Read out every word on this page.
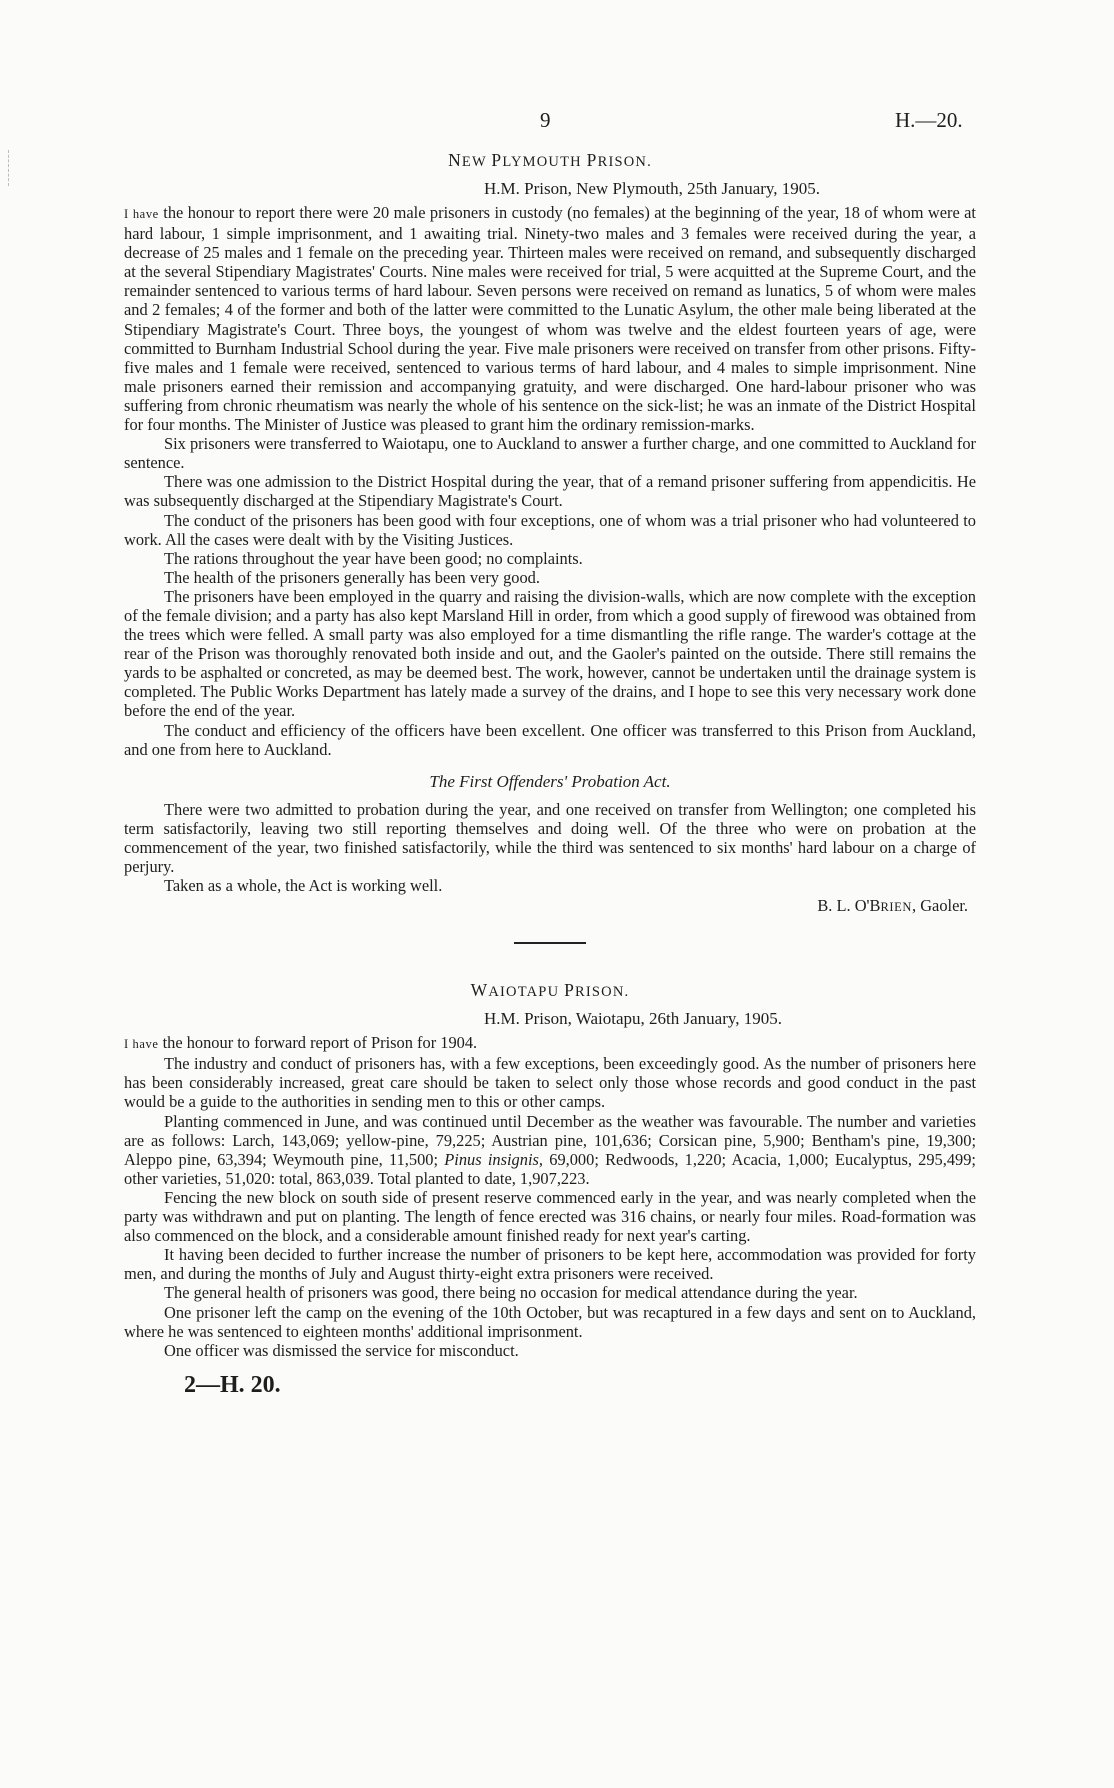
9	H.—20.
NEW PLYMOUTH PRISON.
H.M. Prison, New Plymouth, 25th January, 1905.

I have the honour to report there were 20 male prisoners in custody (no females) at the beginning of the year, 18 of whom were at hard labour, 1 simple imprisonment, and 1 awaiting trial. Ninety-two males and 3 females were received during the year, a decrease of 25 males and 1 female on the preceding year. Thirteen males were received on remand, and subsequently discharged at the several Stipendiary Magistrates' Courts. Nine males were received for trial, 5 were acquitted at the Supreme Court, and the remainder sentenced to various terms of hard labour. Seven persons were received on remand as lunatics, 5 of whom were males and 2 females; 4 of the former and both of the latter were committed to the Lunatic Asylum, the other male being liberated at the Stipendiary Magistrate's Court. Three boys, the youngest of whom was twelve and the eldest fourteen years of age, were committed to Burnham Industrial School during the year. Five male prisoners were received on transfer from other prisons. Fifty-five males and 1 female were received, sentenced to various terms of hard labour, and 4 males to simple imprisonment. Nine male prisoners earned their remission and accompanying gratuity, and were discharged. One hard-labour prisoner who was suffering from chronic rheumatism was nearly the whole of his sentence on the sick-list; he was an inmate of the District Hospital for four months. The Minister of Justice was pleased to grant him the ordinary remission-marks.

Six prisoners were transferred to Waiotapu, one to Auckland to answer a further charge, and one committed to Auckland for sentence.

There was one admission to the District Hospital during the year, that of a remand prisoner suffering from appendicitis. He was subsequently discharged at the Stipendiary Magistrate's Court.

The conduct of the prisoners has been good with four exceptions, one of whom was a trial prisoner who had volunteered to work. All the cases were dealt with by the Visiting Justices.

The rations throughout the year have been good; no complaints.

The health of the prisoners generally has been very good.

The prisoners have been employed in the quarry and raising the division-walls, which are now complete with the exception of the female division; and a party has also kept Marsland Hill in order, from which a good supply of firewood was obtained from the trees which were felled. A small party was also employed for a time dismantling the rifle range. The warder's cottage at the rear of the Prison was thoroughly renovated both inside and out, and the Gaoler's painted on the outside. There still remains the yards to be asphalted or concreted, as may be deemed best. The work, however, cannot be undertaken until the drainage system is completed. The Public Works Department has lately made a survey of the drains, and I hope to see this very necessary work done before the end of the year.

The conduct and efficiency of the officers have been excellent. One officer was transferred to this Prison from Auckland, and one from here to Auckland.

The First Offenders' Probation Act.

There were two admitted to probation during the year, and one received on transfer from Wellington; one completed his term satisfactorily, leaving two still reporting themselves and doing well. Of the three who were on probation at the commencement of the year, two finished satisfactorily, while the third was sentenced to six months' hard labour on a charge of perjury.

Taken as a whole, the Act is working well.

B. L. O'BRIEN, Gaoler.
WAIOTAPU PRISON.
H.M. Prison, Waiotapu, 26th January, 1905.

I have the honour to forward report of Prison for 1904.

The industry and conduct of prisoners has, with a few exceptions, been exceedingly good. As the number of prisoners here has been considerably increased, great care should be taken to select only those whose records and good conduct in the past would be a guide to the authorities in sending men to this or other camps.

Planting commenced in June, and was continued until December as the weather was favourable. The number and varieties are as follows: Larch, 143,069; yellow-pine, 79,225; Austrian pine, 101,636; Corsican pine, 5,900; Bentham's pine, 19,300; Aleppo pine, 63,394; Weymouth pine, 11,500; Pinus insignis, 69,000; Redwoods, 1,220; Acacia, 1,000; Eucalyptus, 295,499; other varieties, 51,020: total, 863,039. Total planted to date, 1,907,223.

Fencing the new block on south side of present reserve commenced early in the year, and was nearly completed when the party was withdrawn and put on planting. The length of fence erected was 316 chains, or nearly four miles. Road-formation was also commenced on the block, and a considerable amount finished ready for next year's carting.

It having been decided to further increase the number of prisoners to be kept here, accommodation was provided for forty men, and during the months of July and August thirty-eight extra prisoners were received.

The general health of prisoners was good, there being no occasion for medical attendance during the year.

One prisoner left the camp on the evening of the 10th October, but was recaptured in a few days and sent on to Auckland, where he was sentenced to eighteen months' additional imprisonment.

One officer was dismissed the service for misconduct.

2—H. 20.
